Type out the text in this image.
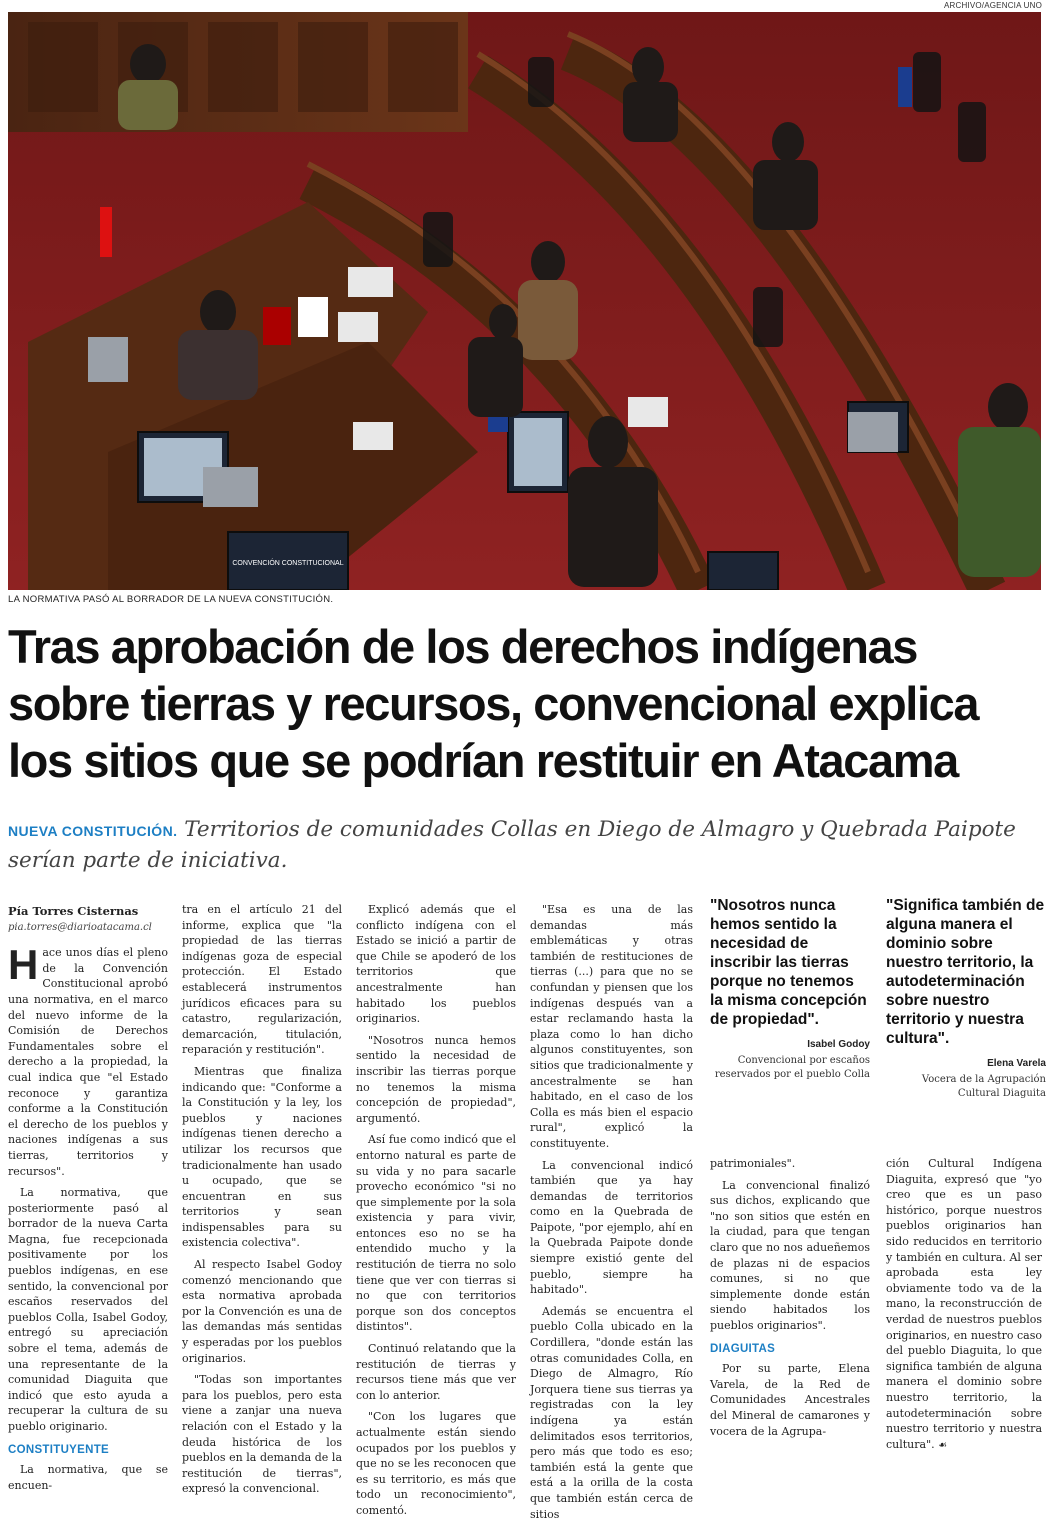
ARCHIVO/AGENCIA UNO
CONVENCIÓN CONSTITUCIONAL
LA NORMATIVA PASÓ AL BORRADOR DE LA NUEVA CONSTITUCIÓN.
Tras aprobación de los derechos indígenas sobre tierras y recursos, convencional explica los sitios que se podrían restituir en Atacama
NUEVA CONSTITUCIÓN. Territorios de comunidades Collas en Diego de Almagro y Quebrada Paipote serían parte de iniciativa.
Pía Torres Cisternas
pia.torres@diarioatacama.cl

Hace unos días el pleno de la Convención Constitucional aprobó una normativa, en el marco del nuevo informe de la Comisión de Derechos Fundamentales sobre el derecho a la propiedad, la cual indica que "el Estado reconoce y garantiza conforme a la Constitución el derecho de los pueblos y naciones indígenas a sus tierras, territorios y recursos".

La normativa, que posteriormente pasó al borrador de la nueva Carta Magna, fue recepcionada positivamente por los pueblos indígenas, en ese sentido, la convencional por escaños reservados del pueblos Colla, Isabel Godoy, entregó su apreciación sobre el tema, además de una representante de la comunidad Diaguita que indicó que esto ayuda a recuperar la cultura de su pueblo originario.

CONSTITUYENTE

La normativa, que se encuen-

tra en el artículo 21 del informe, explica que "la propiedad de las tierras indígenas goza de especial protección. El Estado establecerá instrumentos jurídicos eficaces para su catastro, regularización, demarcación, titulación, reparación y restitución".

Mientras que finaliza indicando que: "Conforme a la Constitución y la ley, los pueblos y naciones indígenas tienen derecho a utilizar los recursos que tradicionalmente han usado u ocupado, que se encuentran en sus territorios y sean indispensables para su existencia colectiva".

Al respecto Isabel Godoy comenzó mencionando que esta normativa aprobada por la Convención es una de las demandas más sentidas y esperadas por los pueblos originarios.

"Todas son importantes para los pueblos, pero esta viene a zanjar una nueva relación con el Estado y la deuda histórica de los pueblos en la demanda de la restitución de tierras", expresó la convencional.

Explicó además que el conflicto indígena con el Estado se inició a partir de que Chile se apoderó de los territorios que ancestralmente han habitado los pueblos originarios.

"Nosotros nunca hemos sentido la necesidad de inscribir las tierras porque no tenemos la misma concepción de propiedad", argumentó.

Así fue como indicó que el entorno natural es parte de su vida y no para sacarle provecho económico "si no que simplemente por la sola existencia y para vivir, entonces eso no se ha entendido mucho y la restitución de tierra no solo tiene que ver con tierras si no que con territorios porque son dos conceptos distintos".

Continuó relatando que la restitución de tierras y recursos tiene más que ver con lo anterior.

"Con los lugares que actualmente están siendo ocupados por los pueblos y que no se les reconocen que es su territorio, es más que todo un reconocimiento", comentó.

"Esa es una de las demandas más emblemáticas y otras también de restituciones de tierras (...) para que no se confundan y piensen que los indígenas después van a estar reclamando hasta la plaza como lo han dicho algunos constituyentes, son sitios que tradicionalmente y ancestralmente se han habitado, en el caso de los Colla es más bien el espacio rural", explicó la constituyente.

La convencional indicó también que ya hay demandas de territorios como en la Quebrada de Paipote, "por ejemplo, ahí en la Quebrada Paipote donde siempre existió gente del pueblo, siempre ha habitado".

Además se encuentra el pueblo Colla ubicado en la Cordillera, "donde están las otras comunidades Colla, en Diego de Almagro, Río Jorquera tiene sus tierras ya registradas con la ley indígena ya están delimitados esos territorios, pero más que todo es eso; también está la gente que está a la orilla de la costa que también están cerca de sitios

"Nosotros nunca hemos sentido la necesidad de inscribir las tierras porque no tenemos la misma concepción de propiedad".
Isabel Godoy
Convencional por escaños reservados por el pueblo Colla

patrimoniales".

La convencional finalizó sus dichos, explicando que "no son sitios que estén en la ciudad, para que tengan claro que no nos adueñemos de plazas ni de espacios comunes, si no que simplemente donde están siendo habitados los pueblos originarios".

DIAGUITAS

Por su parte, Elena Varela, de la Red de Comunidades Ancestrales del Mineral de camarones y vocera de la Agrupa-

"Significa también de alguna manera el dominio sobre nuestro territorio, la autodeterminación sobre nuestro territorio y nuestra cultura".
Elena Varela
Vocera de la Agrupación Cultural Diaguita

ción Cultural Indígena Diaguita, expresó que "yo creo que es un paso histórico, porque nuestros pueblos originarios han sido reducidos en territorio y también en cultura. Al ser aprobada esta ley obviamente todo va de la mano, la reconstrucción de verdad de nuestros pueblos originarios, en nuestro caso del pueblo Diaguita, lo que significa también de alguna manera el dominio sobre nuestro territorio, la autodeterminación sobre nuestro territorio y nuestra cultura". ☙
